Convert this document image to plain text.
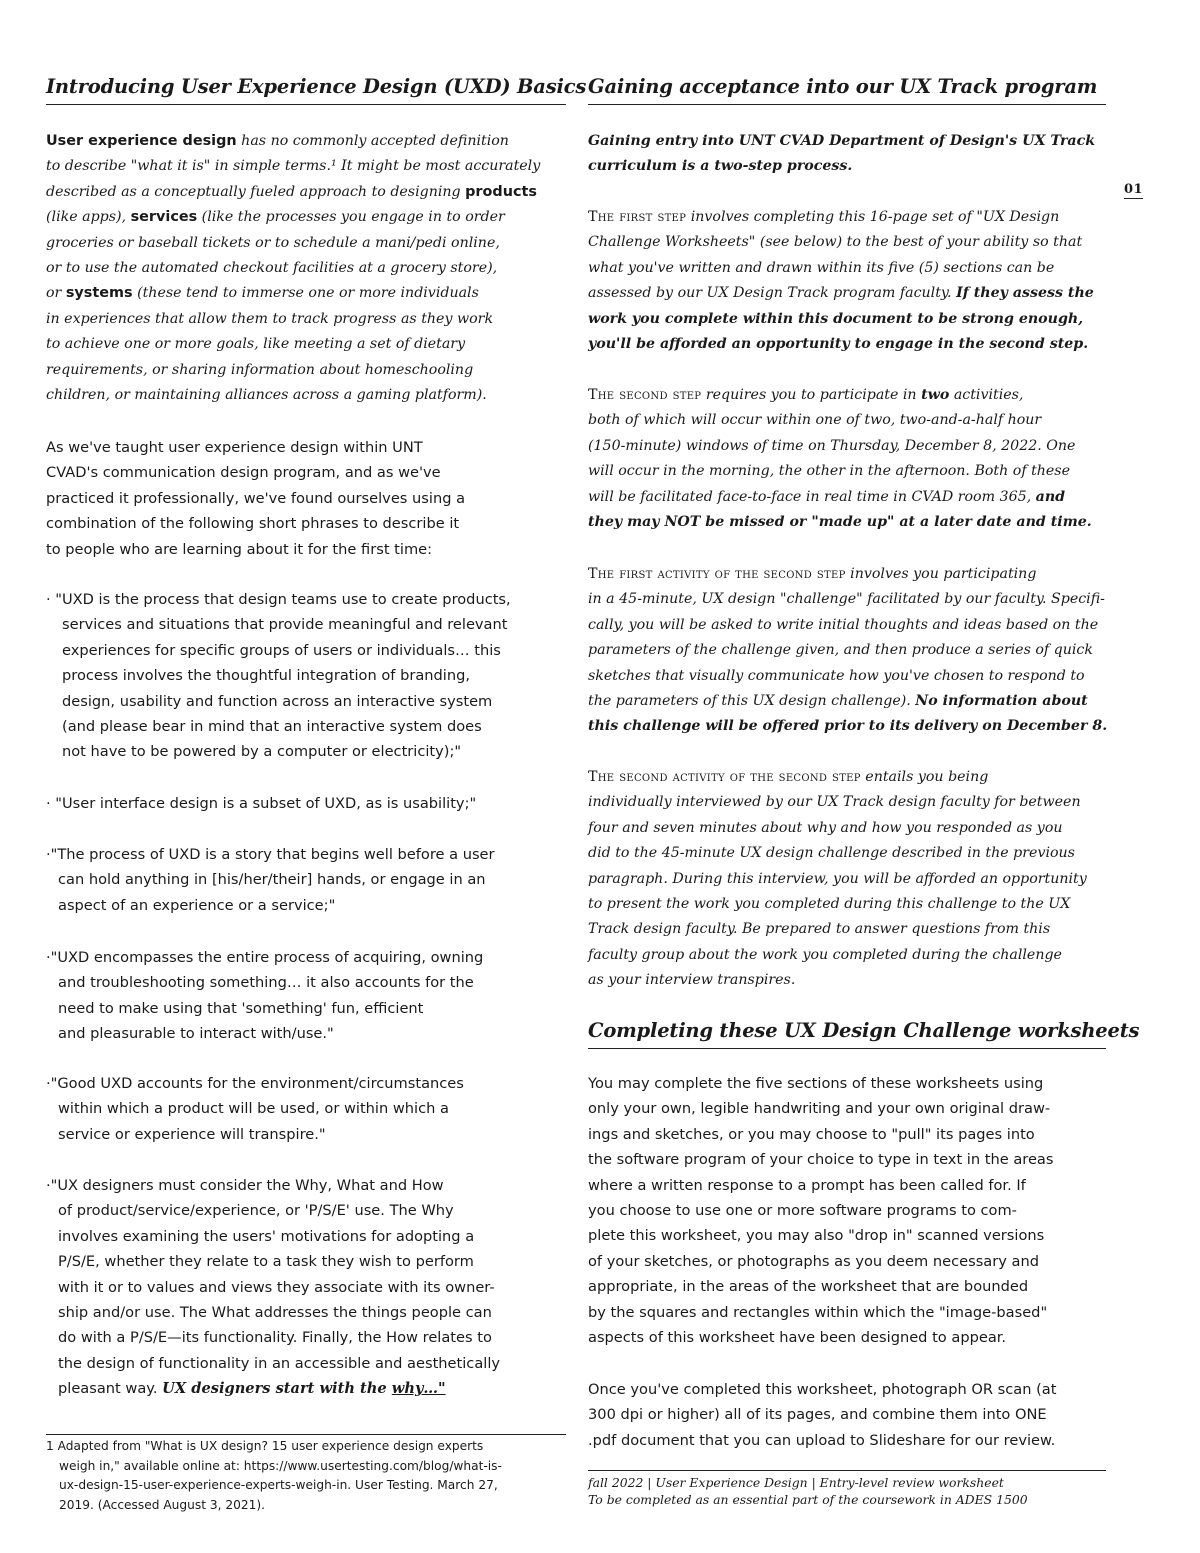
01
Introducing User Experience Design (UXD) Basics
User experience design has no commonly accepted definition
to describe "what it is" in simple terms.¹ It might be most accurately
described as a conceptually fueled approach to designing products
(like apps), services (like the processes you engage in to order
groceries or baseball tickets or to schedule a mani/pedi online,
or to use the automated checkout facilities at a grocery store),
or systems (these tend to immerse one or more individuals
in experiences that allow them to track progress as they work
to achieve one or more goals, like meeting a set of dietary
requirements, or sharing information about homeschooling
children, or maintaining alliances across a gaming platform).
As we've taught user experience design within UNT
CVAD's communication design program, and as we've
practiced it professionally, we've found ourselves using a
combination of the following short phrases to describe it
to people who are learning about it for the first time:
· "UXD is the process that design teams use to create products,
services and situations that provide meaningful and relevant
experiences for specific groups of users or individuals… this
process involves the thoughtful integration of branding,
design, usability and function across an interactive system
(and please bear in mind that an interactive system does
not have to be powered by a computer or electricity);"
· "User interface design is a subset of UXD, as is usability;"
·"The process of UXD is a story that begins well before a user
can hold anything in [his/her/their] hands, or engage in an
aspect of an experience or a service;"
·"UXD encompasses the entire process of acquiring, owning
and troubleshooting something… it also accounts for the
need to make using that 'something' fun, efficient
and pleasurable to interact with/use."
·"Good UXD accounts for the environment/circumstances
within which a product will be used, or within which a
service or experience will transpire."
·"UX designers must consider the Why, What and How
of product/service/experience, or 'P/S/E' use. The Why
involves examining the users' motivations for adopting a
P/S/E, whether they relate to a task they wish to perform
with it or to values and views they associate with its owner-
ship and/or use. The What addresses the things people can
do with a P/S/E—its functionality. Finally, the How relates to
the design of functionality in an accessible and aesthetically
pleasant way. UX designers start with the why…"
1 Adapted from "What is UX design? 15 user experience design experts
weigh in," available online at: https://www.usertesting.com/blog/what-is-
ux-design-15-user-experience-experts-weigh-in. User Testing. March 27,
2019. (Accessed August 3, 2021).
Gaining acceptance into our UX Track program
Gaining entry into UNT CVAD Department of Design's UX Track
curriculum is a two-step process.
The first step involves completing this 16-page set of "UX Design
Challenge Worksheets" (see below) to the best of your ability so that
what you've written and drawn within its five (5) sections can be
assessed by our UX Design Track program faculty. If they assess the
work you complete within this document to be strong enough,
you'll be afforded an opportunity to engage in the second step.
The second step requires you to participate in two activities,
both of which will occur within one of two, two-and-a-half hour
(150-minute) windows of time on Thursday, December 8, 2022. One
will occur in the morning, the other in the afternoon. Both of these
will be facilitated face-to-face in real time in CVAD room 365, and
they may NOT be missed or "made up" at a later date and time.
The first activity of the second step involves you participating
in a 45-minute, UX design "challenge" facilitated by our faculty. Specifi-
cally, you will be asked to write initial thoughts and ideas based on the
parameters of the challenge given, and then produce a series of quick
sketches that visually communicate how you've chosen to respond to
the parameters of this UX design challenge). No information about
this challenge will be offered prior to its delivery on December 8.
The second activity of the second step entails you being
individually interviewed by our UX Track design faculty for between
four and seven minutes about why and how you responded as you
did to the 45-minute UX design challenge described in the previous
paragraph. During this interview, you will be afforded an opportunity
to present the work you completed during this challenge to the UX
Track design faculty. Be prepared to answer questions from this
faculty group about the work you completed during the challenge
as your interview transpires.
Completing these UX Design Challenge worksheets
You may complete the five sections of these worksheets using
only your own, legible handwriting and your own original draw-
ings and sketches, or you may choose to "pull" its pages into
the software program of your choice to type in text in the areas
where a written response to a prompt has been called for. If
you choose to use one or more software programs to com-
plete this worksheet, you may also "drop in" scanned versions
of your sketches, or photographs as you deem necessary and
appropriate, in the areas of the worksheet that are bounded
by the squares and rectangles within which the "image-based"
aspects of this worksheet have been designed to appear.
Once you've completed this worksheet, photograph OR scan (at
300 dpi or higher) all of its pages, and combine them into ONE
.pdf document that you can upload to Slideshare for our review.
fall 2022 | User Experience Design | Entry-level review worksheet
To be completed as an essential part of the coursework in ADES 1500
